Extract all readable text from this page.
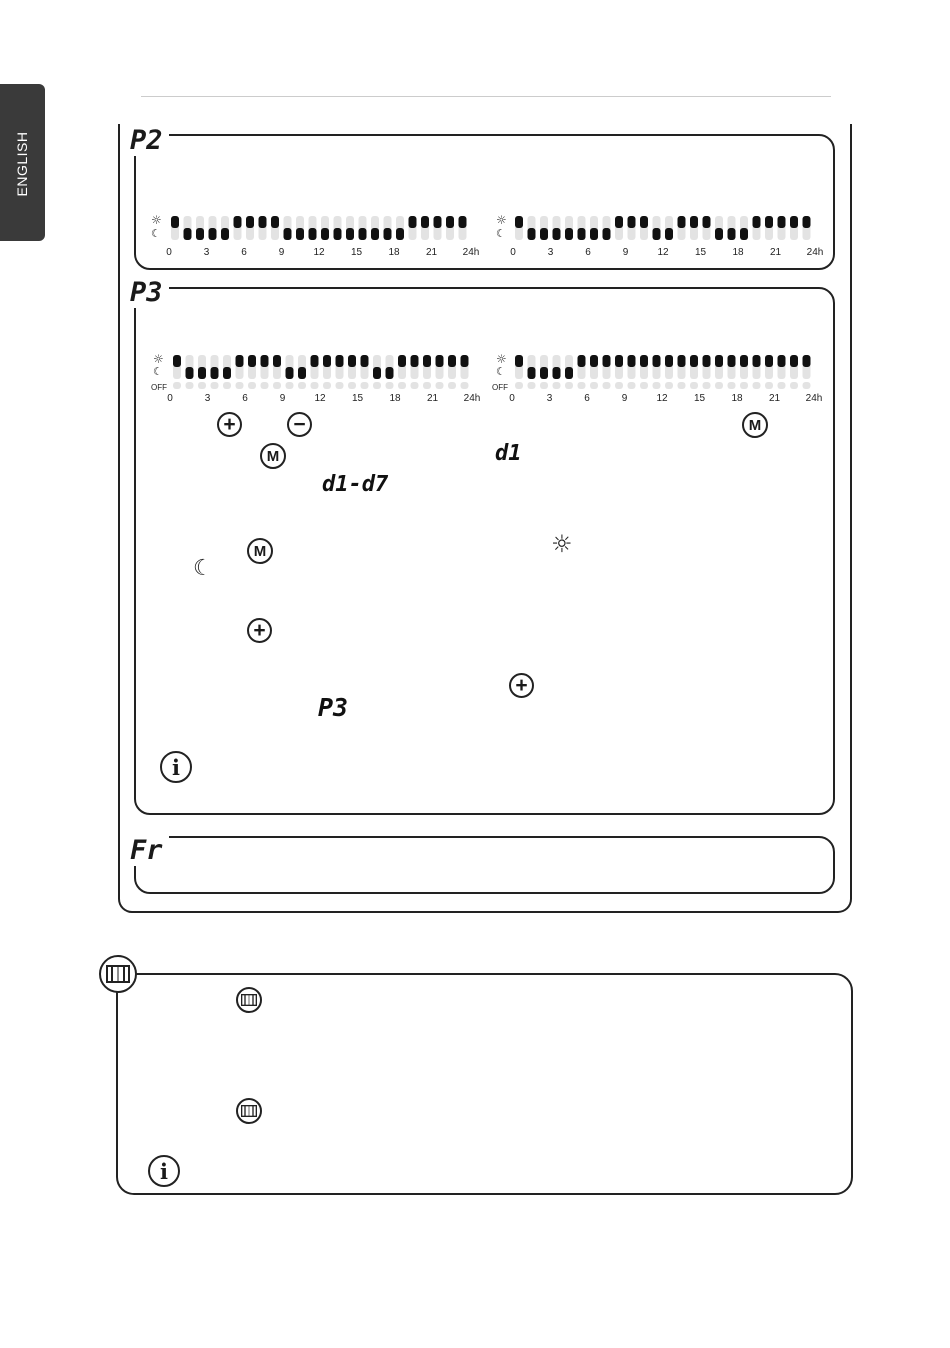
ENGLISH	P2
☼
☾
☼
☾
P3
☼
☾
OFF
☼
☾
OFF
+	−	M
M	d1
d1-d7
M	☼
☾
+
+
P3
i
Fr
i
0	3	6	9	12	15	18	21	24h	0	3	6	9	12	15	18	21	24h
0	3	6	9	12	15	18	21	24h	0	3	6	9	12	15	18	21	24h
